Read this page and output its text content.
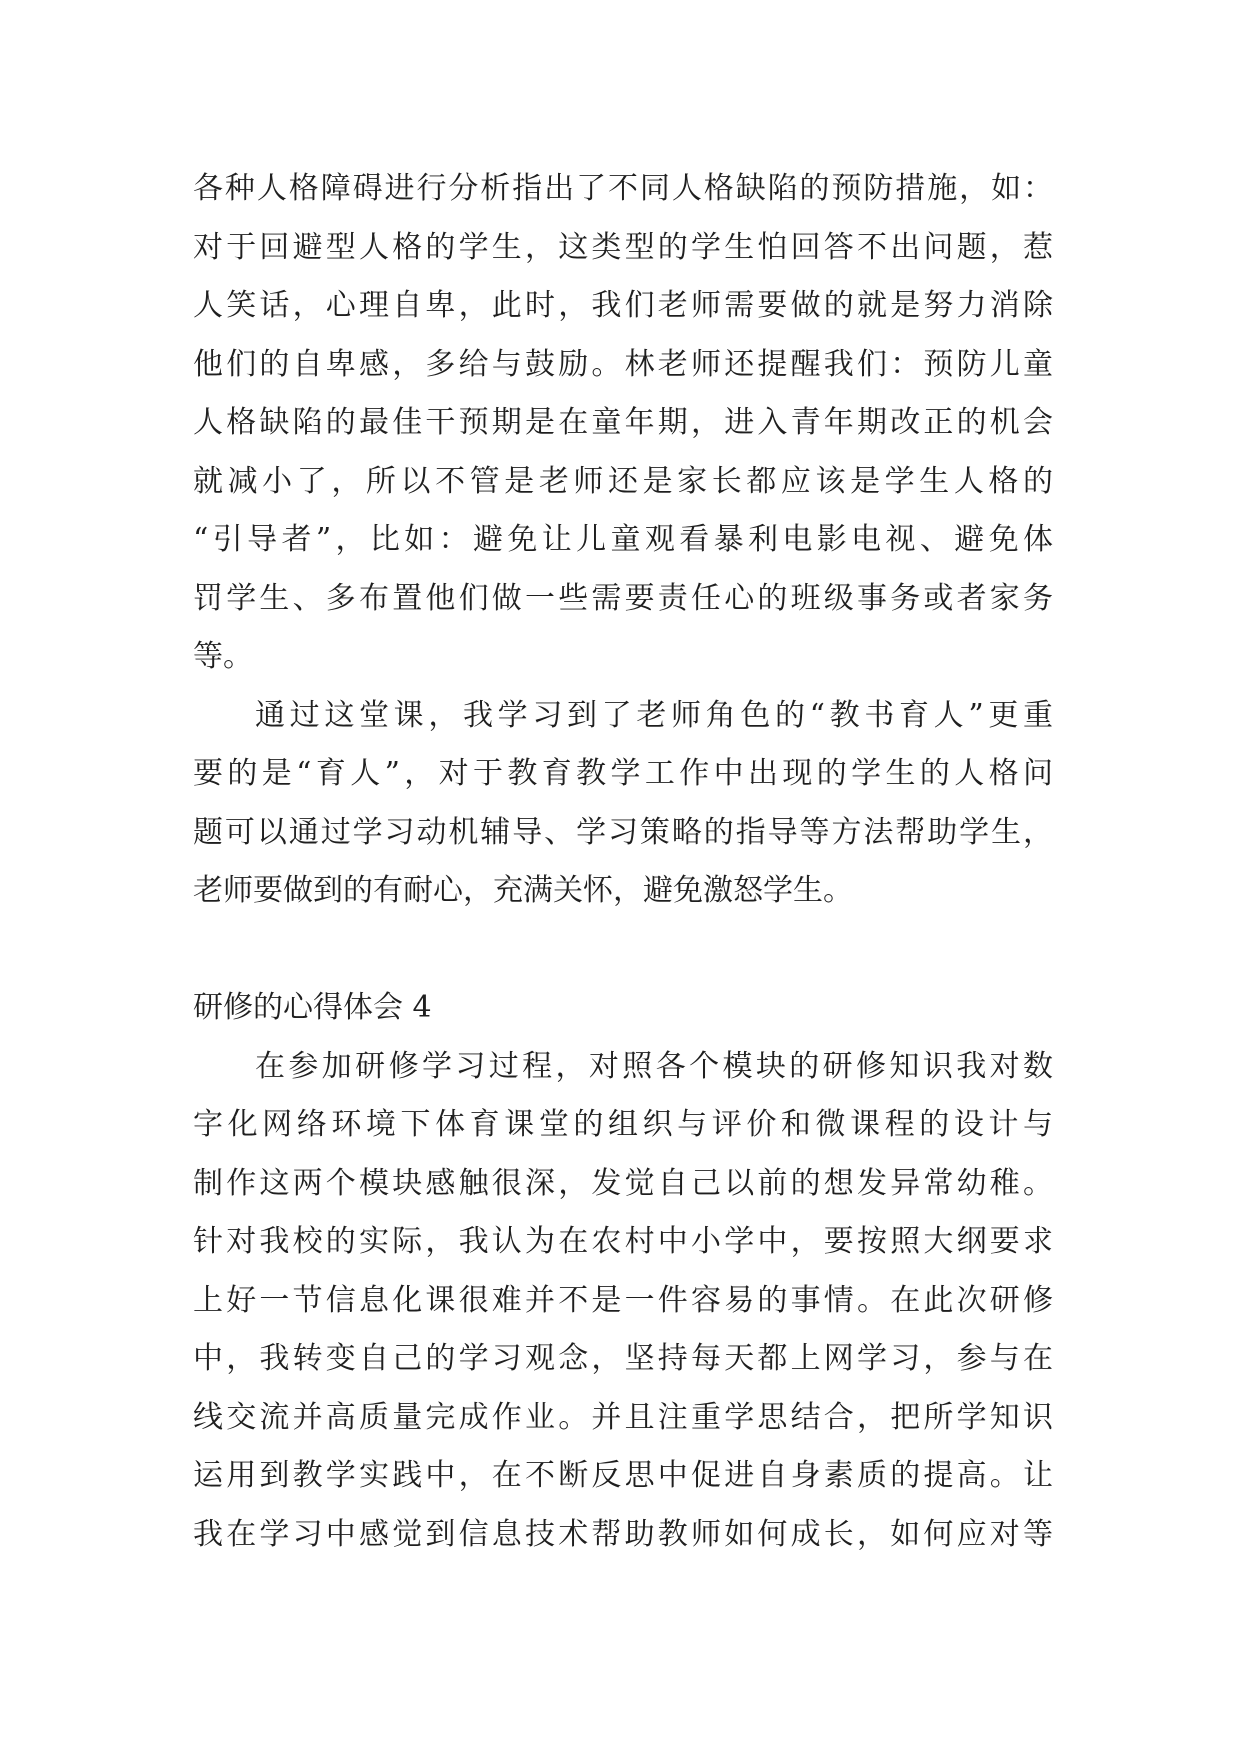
各种人格障碍进行分析指出了不同人格缺陷的预防措施，如：
对于回避型人格的学生，这类型的学生怕回答不出问题，惹
人笑话，心理自卑，此时，我们老师需要做的就是努力消除
他们的自卑感，多给与鼓励。林老师还提醒我们：预防儿童
人格缺陷的最佳干预期是在童年期，进入青年期改正的机会
就减小了，所以不管是老师还是家长都应该是学生人格的
“引导者”，比如：避免让儿童观看暴利电影电视、避免体
罚学生、多布置他们做一些需要责任心的班级事务或者家务
等。
通过这堂课，我学习到了老师角色的“教书育人”更重
要的是“育人”，对于教育教学工作中出现的学生的人格问
题可以通过学习动机辅导、学习策略的指导等方法帮助学生，
老师要做到的有耐心，充满关怀，避免激怒学生。
研修的心得体会 4
在参加研修学习过程，对照各个模块的研修知识我对数
字化网络环境下体育课堂的组织与评价和微课程的设计与
制作这两个模块感触很深，发觉自己以前的想发异常幼稚。
针对我校的实际，我认为在农村中小学中，要按照大纲要求
上好一节信息化课很难并不是一件容易的事情。在此次研修
中，我转变自己的学习观念，坚持每天都上网学习，参与在
线交流并高质量完成作业。并且注重学思结合，把所学知识
运用到教学实践中，在不断反思中促进自身素质的提高。让
我在学习中感觉到信息技术帮助教师如何成长，如何应对等
